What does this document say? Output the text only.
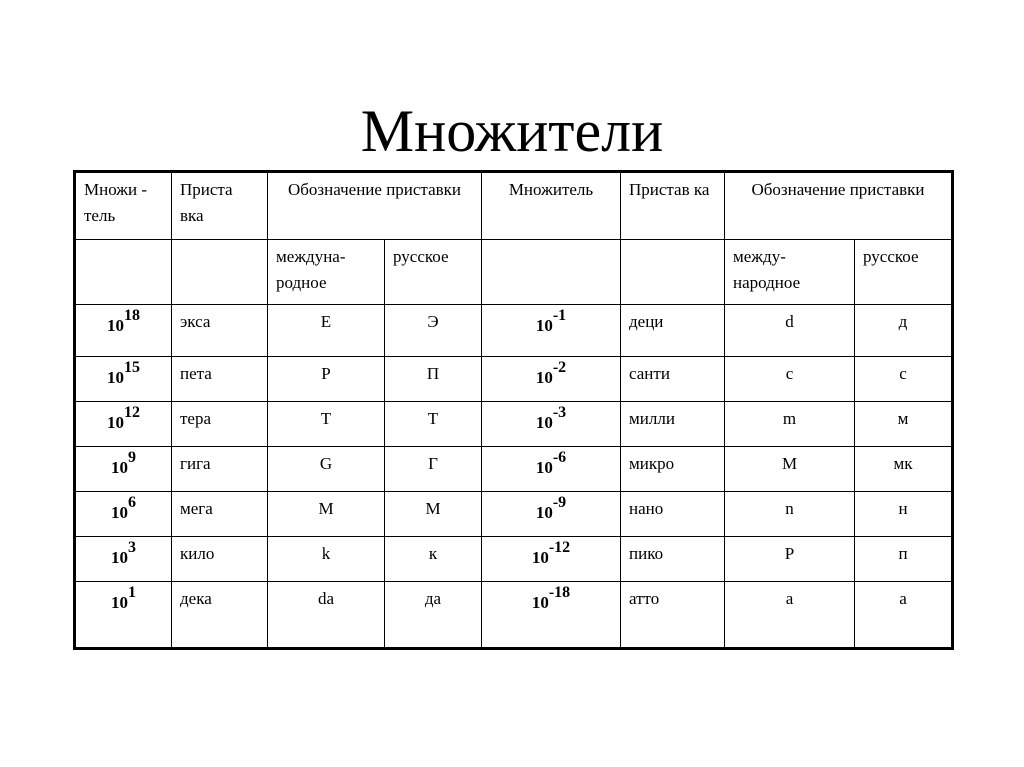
Множители
Множи - тель	Приста вка	Обозначение приставки		Множитель	Пристав ка	Обозначение приставки	
		междуна-родное	русское			между-народное	русское
$10^{18}$	экса	E	Э	$10^{-1}$	деци	d	д
$10^{15}$	пета	P	П	$10^{-2}$	санти	c	с
$10^{12}$	тера	T	T	$10^{-3}$	милли	m	м
$10^9$	гига	G	Г	$10^{-6}$	микро	M	мк
$10^6$	мега	M	M	$10^{-9}$	нано	n	н
$10^3$	кило	k	к	$10^{-12}$	пико	P	п
$10^1$	дека	da	да	$10^{-18}$	атто	a	а
